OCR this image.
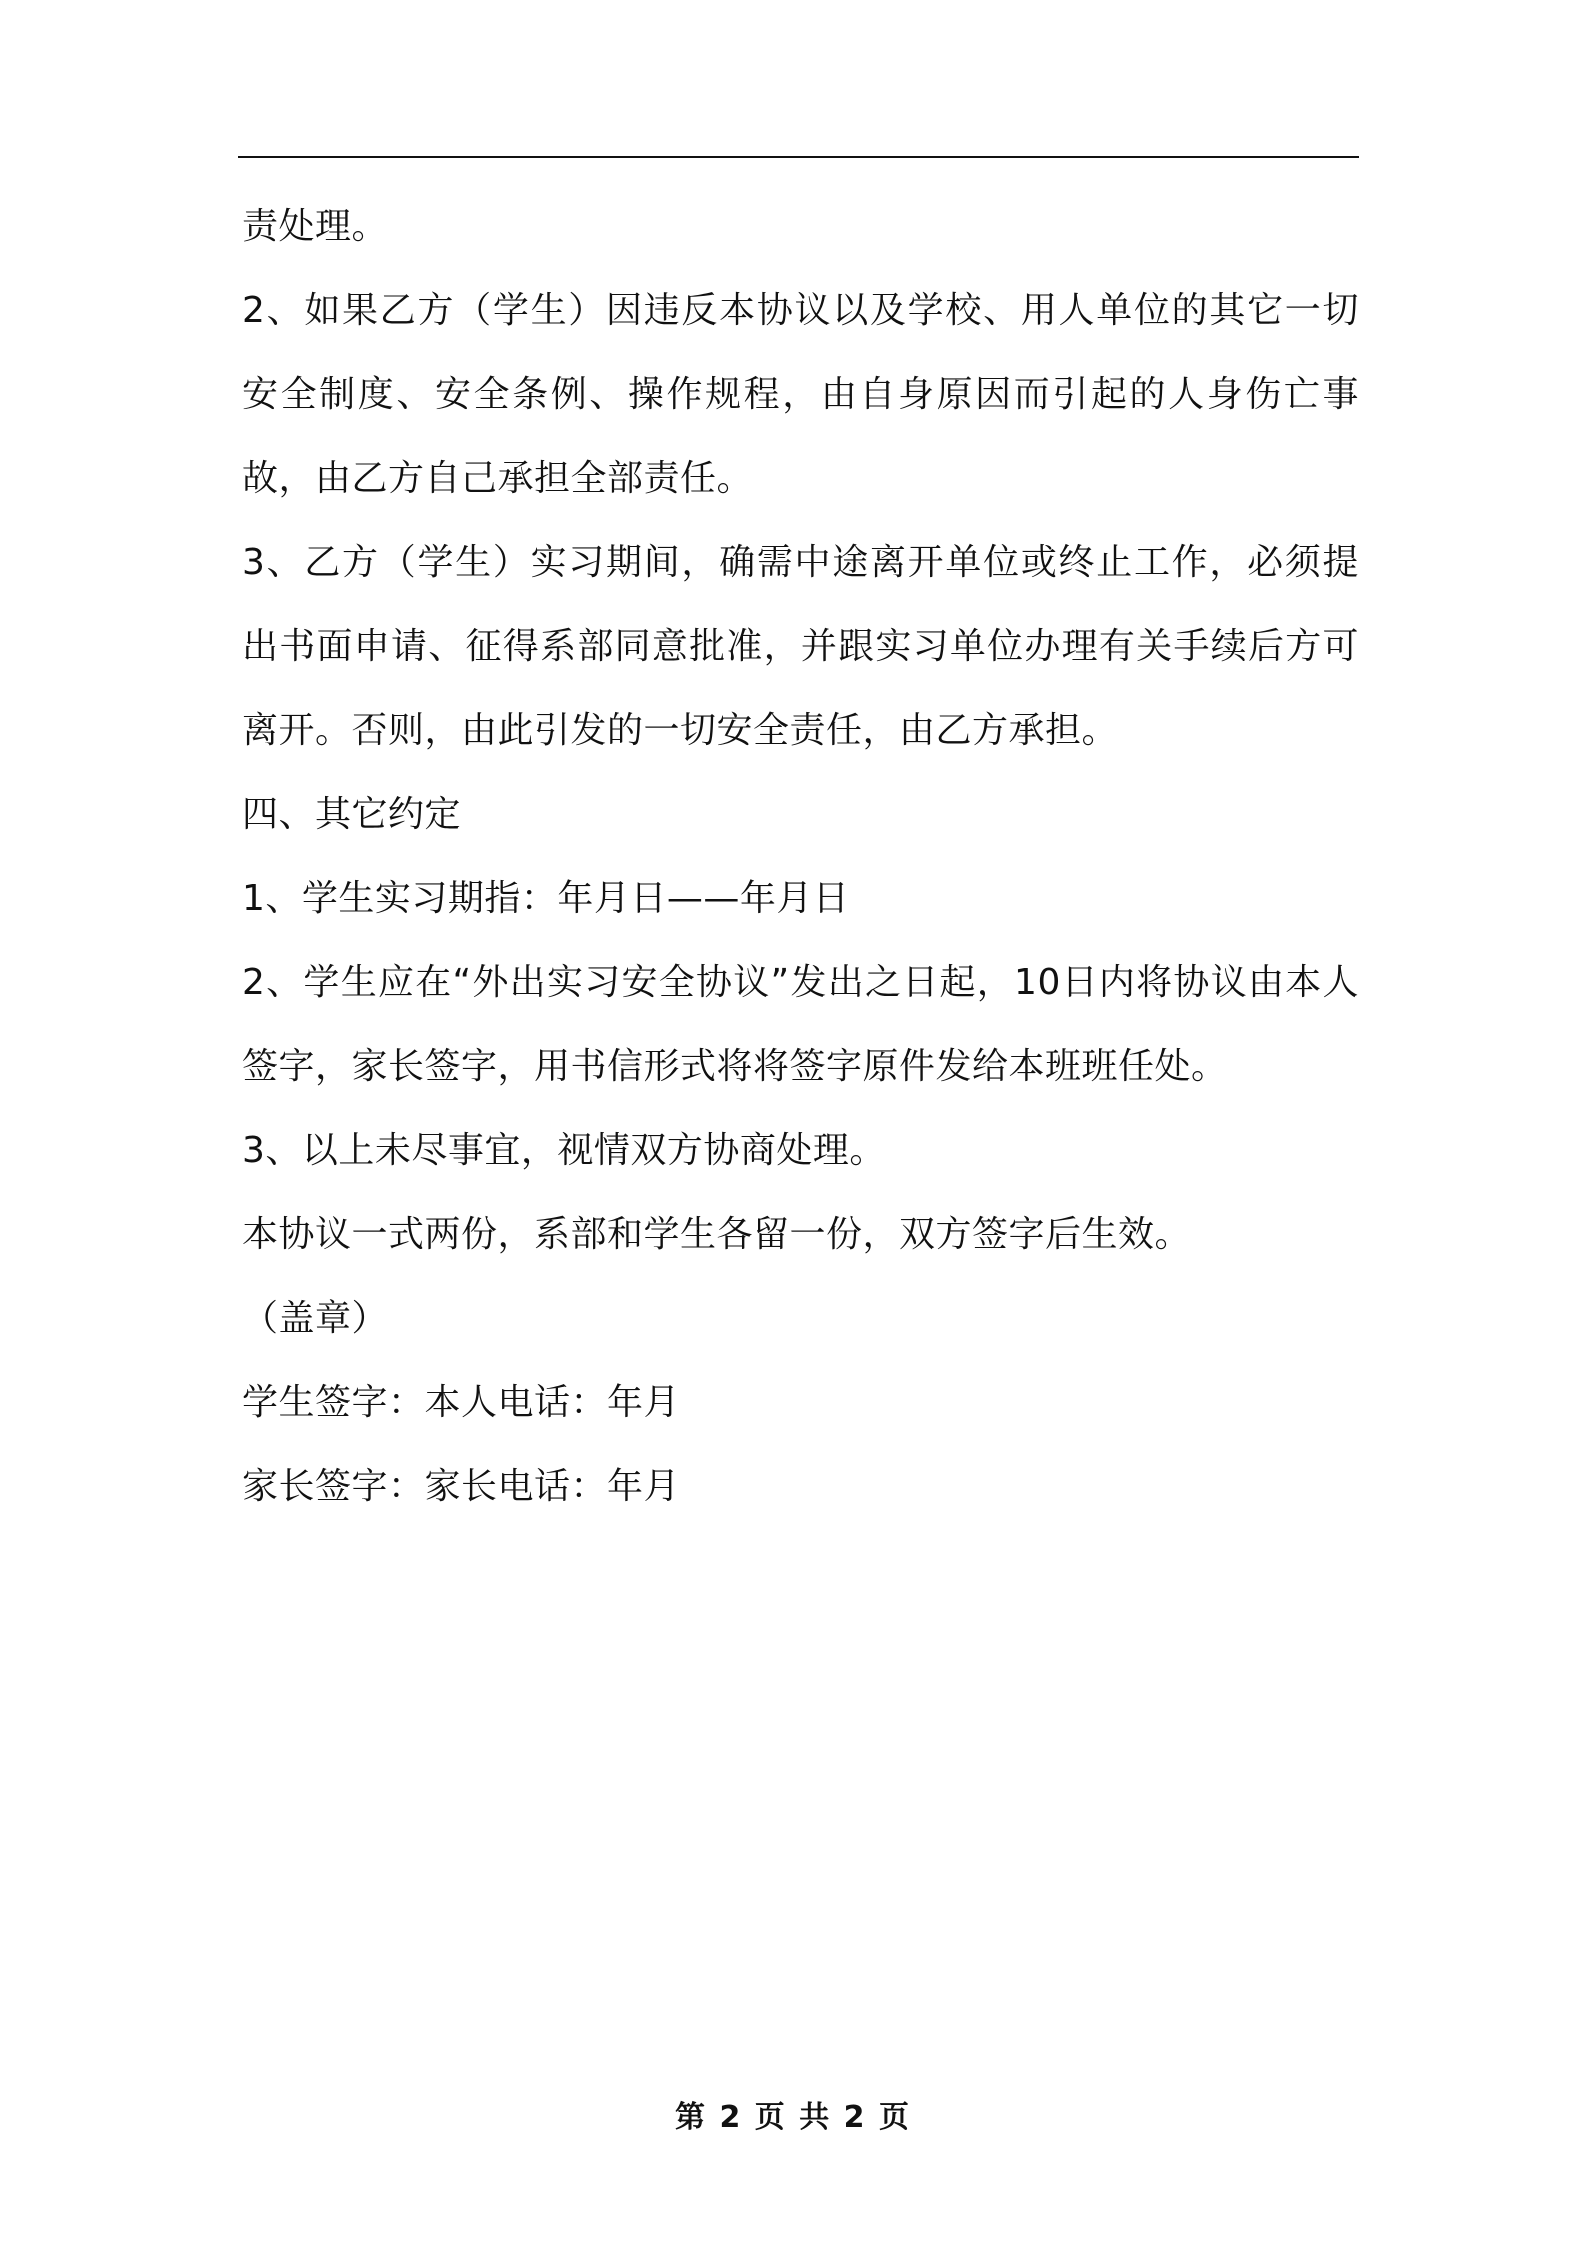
责处理。

2、如果乙方（学生）因违反本协议以及学校、用人单位的其它一切安全制度、安全条例、操作规程，由自身原因而引起的人身伤亡事故，由乙方自己承担全部责任。

3、乙方（学生）实习期间，确需中途离开单位或终止工作，必须提出书面申请、征得系部同意批准，并跟实习单位办理有关手续后方可离开。否则，由此引发的一切安全责任，由乙方承担。

四、其它约定

1、学生实习期指：年月日——年月日

2、学生应在“外出实习安全协议”发出之日起，10日内将协议由本人签字，家长签字，用书信形式将将签字原件发给本班班任处。

3、以上未尽事宜，视情双方协商处理。

本协议一式两份，系部和学生各留一份，双方签字后生效。

（盖章）

学生签字：本人电话：年月

家长签字：家长电话：年月

第 2 页 共 2 页
